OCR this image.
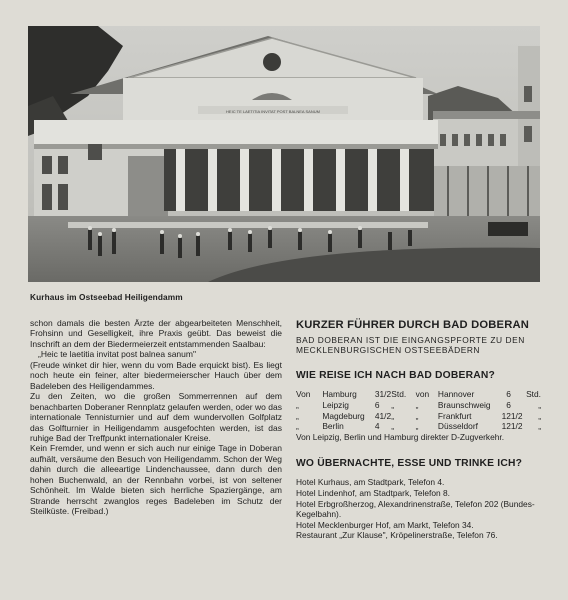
HEIC TE LAETITIA INVITAT POST BALNEA SANUM
Kurhaus im Ostseebad Heiligendamm

schon damals die besten Ärzte der abgearbeiteten Menschheit, Frohsinn und Geselligkeit, ihre Praxis geübt. Das beweist die Inschrift an dem der Biedermeierzeit entstammenden Saalbau:

„Heic te laetitia invitat post balnea sanum"

(Freude winket dir hier, wenn du vom Bade erquickt bist). Es liegt noch heute ein feiner, alter biedermeierscher Hauch über dem Badeleben des Heiligendammes.

Zu den Zeiten, wo die großen Sommerrennen auf dem benachbarten Doberaner Rennplatz gelaufen werden, oder wo das internationale Tennisturnier und auf dem wundervollen Golfplatz das Golfturnier in Heiligendamm ausgefochten werden, ist das ruhige Bad der Treffpunkt internationaler Kreise.

Kein Fremder, und wenn er sich auch nur einige Tage in Doberan aufhält, versäume den Besuch von Heiligendamm. Schon der Weg dahin durch die alleeartige Lindenchaussee, dann durch den hohen Buchenwald, an der Rennbahn vorbei, ist von seltener Schönheit. Im Walde bieten sich herrliche Spaziergänge, am Strande herrscht zwanglos reges Badeleben im Schutz der Steilküste. (Freibad.)

KURZER FÜHRER DURCH BAD DOBERAN

BAD DOBERAN IST DIE EINGANGSPFORTE ZU DEN MECKLENBURGISCHEN OSTSEEBÄDERN

WIE REISE ICH NACH BAD DOBERAN?

Von	Hamburg	3	1/2	Std.	von	Hannover	6		Std.
„	Leipzig	6		„	„	Braunschweig	6		„
„	Magdeburg	4	1/2	„	„	Frankfurt	12	1/2	„
„	Berlin	4		„	„	Düsseldorf	12	1/2	„

Von Leipzig, Berlin und Hamburg direkter D-Zugverkehr.

WO ÜBERNACHTE, ESSE UND TRINKE ICH?

Hotel Kurhaus, am Stadtpark, Telefon 4.

Hotel Lindenhof, am Stadtpark, Telefon 8.

Hotel Erbgroßherzog, Alexandrinenstraße, Telefon 202 (Bundes- Kegelbahn).

Hotel Mecklenburger Hof, am Markt, Telefon 34.

Restaurant „Zur Klause", Kröpelinerstraße, Telefon 76.
